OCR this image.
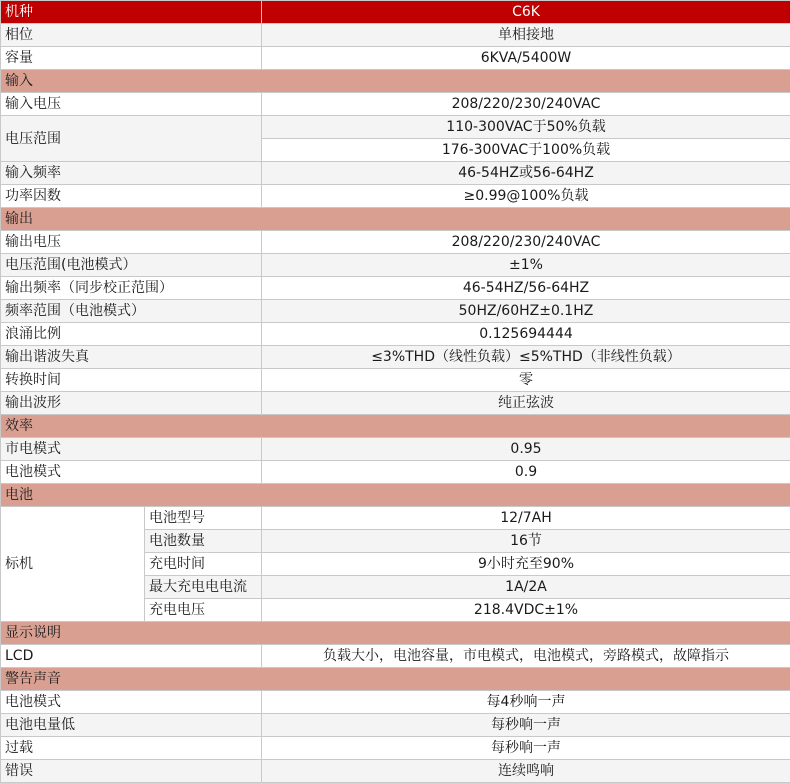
机种		C6K
相位		单相接地
容量		6KVA/5400W
输入		
输入电压		208/220/230/240VAC
电压范围		110-300VAC于50%负载
		176-300VAC于100%负载
输入频率		46-54HZ或56-64HZ
功率因数		≥0.99@100%负载
输出		
输出电压		208/220/230/240VAC
电压范围(电池模式）		±1%
输出频率（同步校正范围）		46-54HZ/56-64HZ
频率范围（电池模式）		50HZ/60HZ±0.1HZ
浪涌比例		0.125694444
输出谐波失真		≤3%THD（线性负载）≤5%THD（非线性负载）
转换时间		零
输出波形		纯正弦波
效率		
市电模式		0.95
电池模式		0.9
电池		
标机	电池型号	12/7AH
	电池数量	16节
	充电时间	9小时充至90%
	最大充电电电流	1A/2A
	充电电压	218.4VDC±1%
显示说明		
LCD		负载大小，电池容量，市电模式，电池模式，旁路模式，故障指示
警告声音		
电池模式		每4秒响一声
电池电量低		每秒响一声
过载		每秒响一声
错误		连续鸣响
